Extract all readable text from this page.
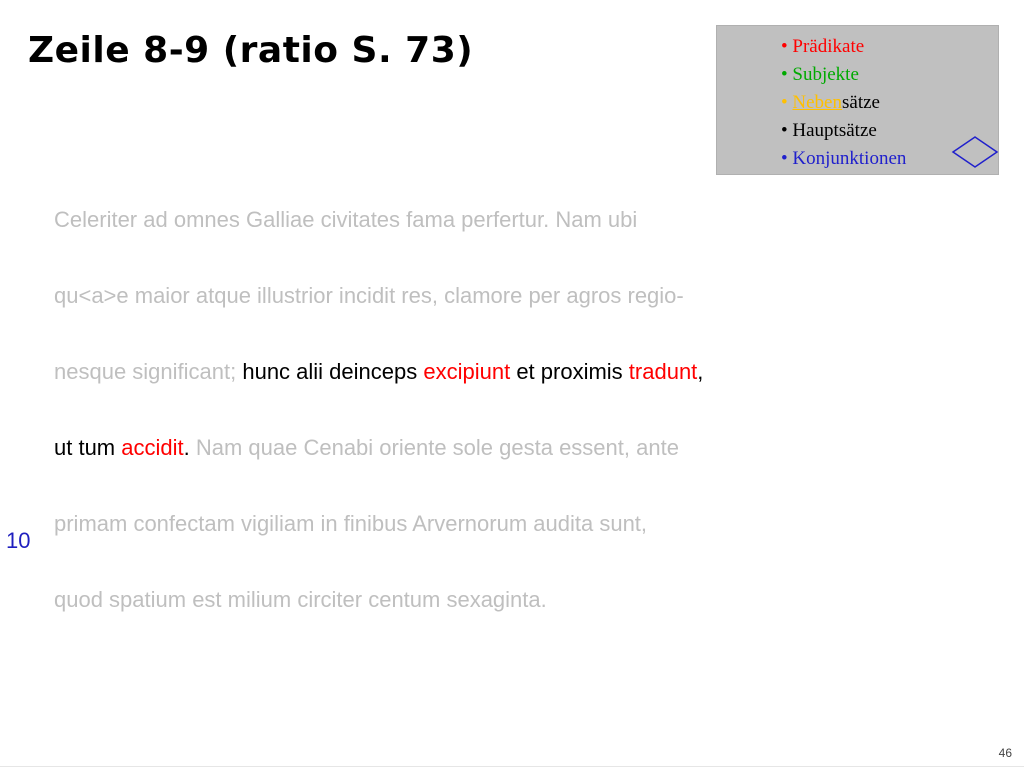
Zeile 8-9 (ratio S. 73)	• Prädikate
• Subjekte
• Nebensätze
• Hauptsätze
• Konjunktionen
Celeriter ad omnes Galliae civitates fama perfertur. Nam ubi
qu<a>e maior atque illustrior incidit res, clamore per agros regio-
nesque significant; hunc alii deinceps excipiunt et proximis tradunt,
ut tum accidit. Nam quae Cenabi oriente sole gesta essent, ante
primam confectam vigiliam in finibus Arvernorum audita sunt,
quod spatium est milium circiter centum sexaginta.
10
46
